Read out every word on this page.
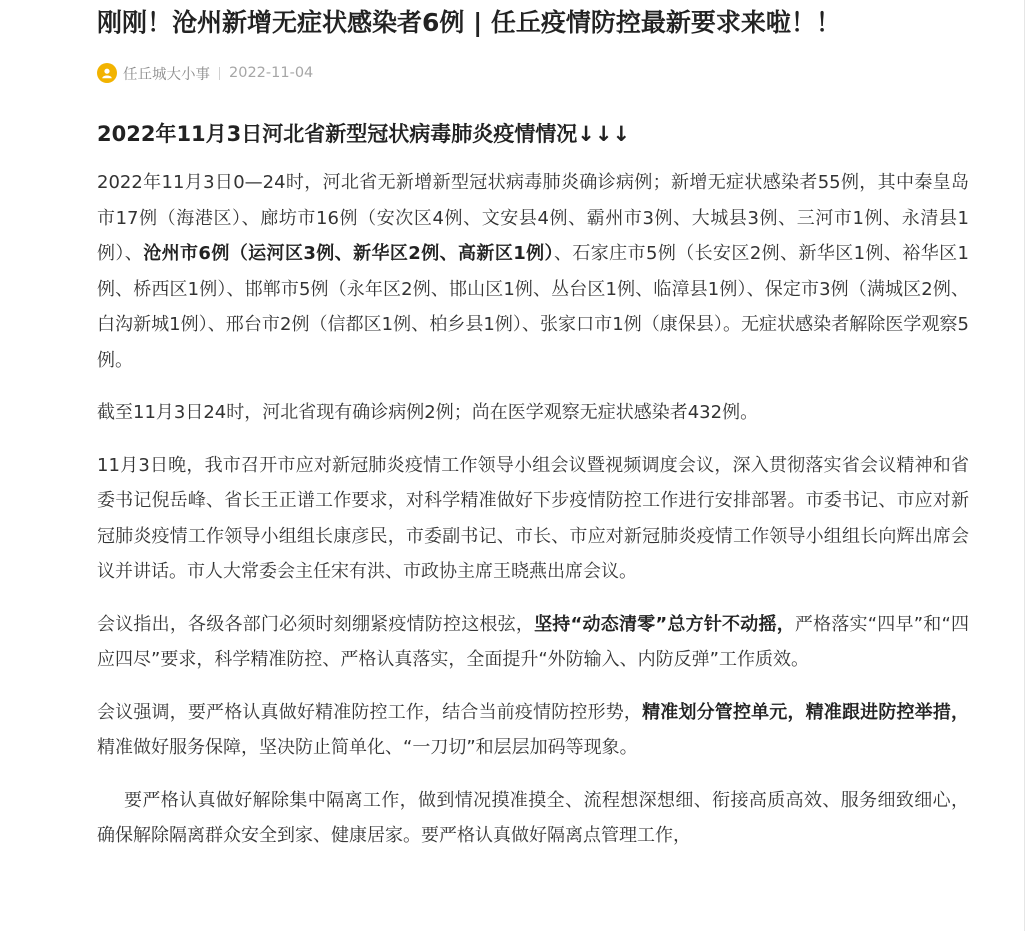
刚刚！沧州新增无症状感染者6例 | 任丘疫情防控最新要求来啦！！
任丘城大小事 2022-11-04
2022年11月3日河北省新型冠状病毒肺炎疫情情况↓↓↓

2022年11月3日0—24时，河北省无新增新型冠状病毒肺炎确诊病例；新增无症状感染者55例，其中秦皇岛市17例（海港区）、廊坊市16例（安次区4例、文安县4例、霸州市3例、大城县3例、三河市1例、永清县1例）、沧州市6例（运河区3例、新华区2例、高新区1例）、石家庄市5例（长安区2例、新华区1例、裕华区1例、桥西区1例）、邯郸市5例（永年区2例、邯山区1例、丛台区1例、临漳县1例）、保定市3例（满城区2例、白沟新城1例）、邢台市2例（信都区1例、柏乡县1例）、张家口市1例（康保县）。无症状感染者解除医学观察5例。

截至11月3日24时，河北省现有确诊病例2例；尚在医学观察无症状感染者432例。

11月3日晚，我市召开市应对新冠肺炎疫情工作领导小组会议暨视频调度会议，深入贯彻落实省会议精神和省委书记倪岳峰、省长王正谱工作要求，对科学精准做好下步疫情防控工作进行安排部署。市委书记、市应对新冠肺炎疫情工作领导小组组长康彦民，市委副书记、市长、市应对新冠肺炎疫情工作领导小组组长向辉出席会议并讲话。市人大常委会主任宋有洪、市政协主席王晓燕出席会议。

会议指出，各级各部门必须时刻绷紧疫情防控这根弦，坚持“动态清零”总方针不动摇，严格落实“四早”和“四应四尽”要求，科学精准防控、严格认真落实，全面提升“外防输入、内防反弹”工作质效。

会议强调，要严格认真做好精准防控工作，结合当前疫情防控形势，精准划分管控单元，精准跟进防控举措，精准做好服务保障，坚决防止简单化、“一刀切”和层层加码等现象。

要严格认真做好解除集中隔离工作，做到情况摸准摸全、流程想深想细、衔接高质高效、服务细致细心，确保解除隔离群众安全到家、健康居家。要严格认真做好隔离点管理工作，
